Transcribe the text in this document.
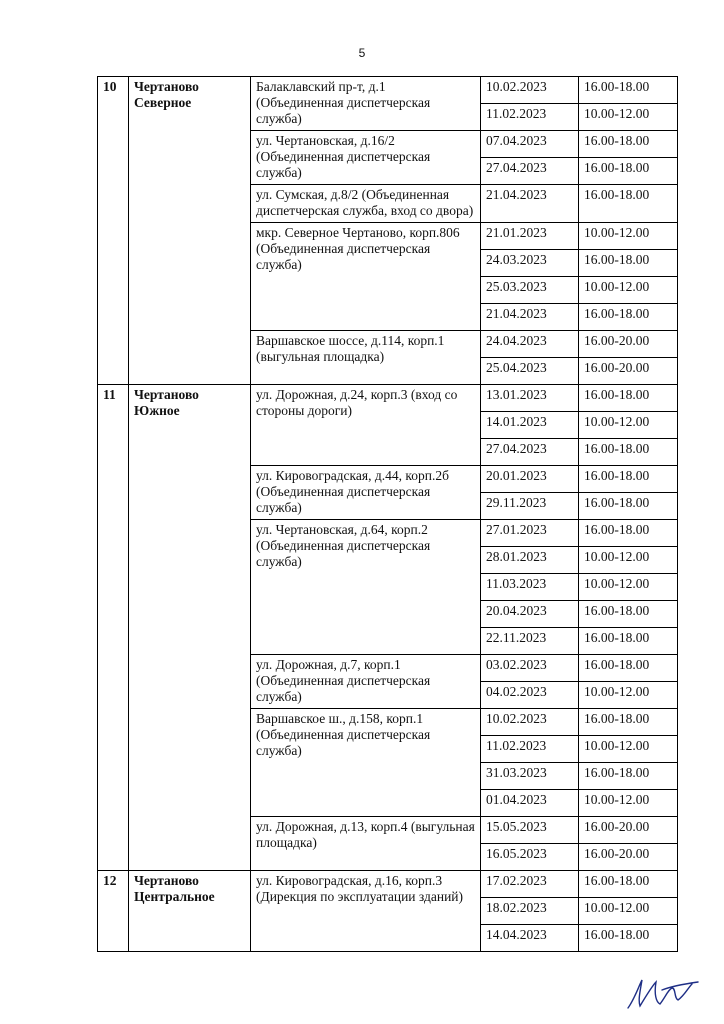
5
10	Чертаново Северное	Балаклавский пр-т, д.1 (Объединенная диспетчерская служба)	10.02.2023	16.00-18.00
			11.02.2023	10.00-12.00
		ул. Чертановская, д.16/2 (Объединенная диспетчерская служба)	07.04.2023	16.00-18.00
			27.04.2023	16.00-18.00
		ул. Сумская, д.8/2 (Объединенная диспетчерская служба, вход со двора)	21.04.2023	16.00-18.00
		мкр. Северное Чертаново, корп.806 (Объединенная диспетчерская служба)	21.01.2023	10.00-12.00
			24.03.2023	16.00-18.00
			25.03.2023	10.00-12.00
			21.04.2023	16.00-18.00
		Варшавское шоссе, д.114, корп.1 (выгульная площадка)	24.04.2023	16.00-20.00
			25.04.2023	16.00-20.00
11	Чертаново Южное	ул. Дорожная, д.24, корп.3 (вход со стороны дороги)	13.01.2023	16.00-18.00
			14.01.2023	10.00-12.00
			27.04.2023	16.00-18.00
		ул. Кировоградская, д.44, корп.2б (Объединенная диспетчерская служба)	20.01.2023	16.00-18.00
			29.11.2023	16.00-18.00
		ул. Чертановская, д.64, корп.2 (Объединенная диспетчерская служба)	27.01.2023	16.00-18.00
			28.01.2023	10.00-12.00
			11.03.2023	10.00-12.00
			20.04.2023	16.00-18.00
			22.11.2023	16.00-18.00
		ул. Дорожная, д.7, корп.1 (Объединенная диспетчерская служба)	03.02.2023	16.00-18.00
			04.02.2023	10.00-12.00
		Варшавское ш., д.158, корп.1 (Объединенная диспетчерская служба)	10.02.2023	16.00-18.00
			11.02.2023	10.00-12.00
			31.03.2023	16.00-18.00
			01.04.2023	10.00-12.00
		ул. Дорожная, д.13, корп.4 (выгульная площадка)	15.05.2023	16.00-20.00
			16.05.2023	16.00-20.00
12	Чертаново Центральное	ул. Кировоградская, д.16, корп.3 (Дирекция по эксплуатации зданий)	17.02.2023	16.00-18.00
			18.02.2023	10.00-12.00
			14.04.2023	16.00-18.00
